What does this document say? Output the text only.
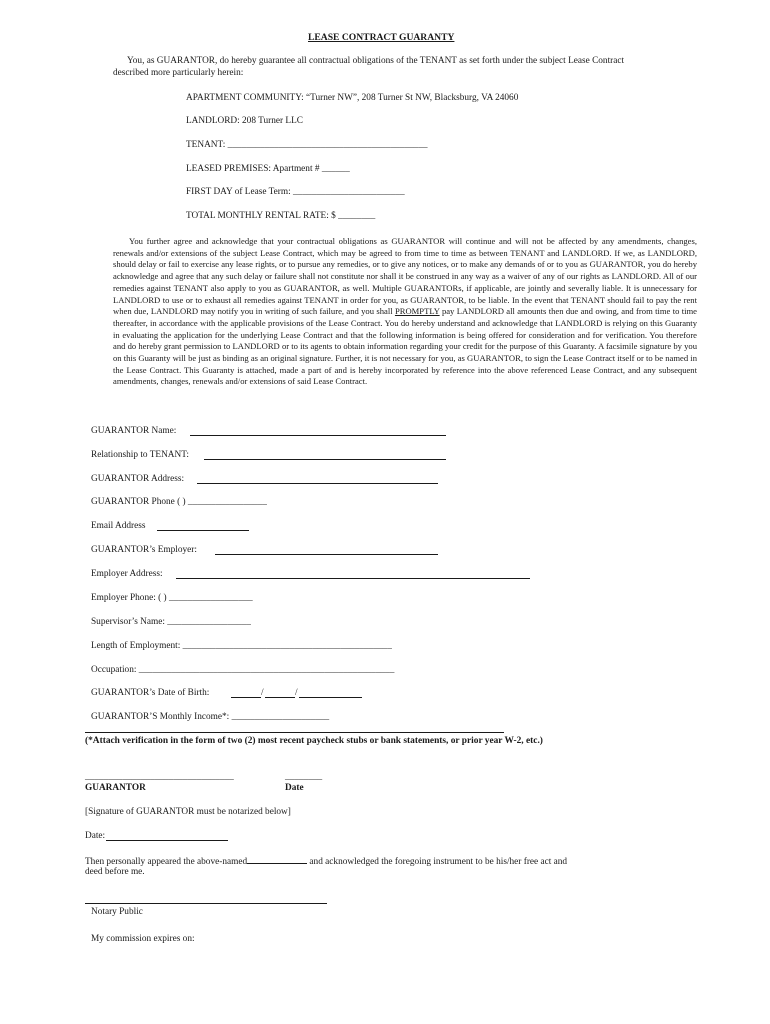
LEASE CONTRACT GUARANTY
You, as GUARANTOR, do hereby guarantee all contractual obligations of the TENANT as set forth under the subject Lease Contract described more particularly herein:
APARTMENT COMMUNITY: “Turner NW”, 208 Turner St NW, Blacksburg, VA 24060
LANDLORD: 208 Turner LLC
TENANT: ___________________________________________
LEASED PREMISES: Apartment # ______
FIRST DAY of Lease Term: ________________________
TOTAL MONTHLY RENTAL RATE: $ ________
You further agree and acknowledge that your contractual obligations as GUARANTOR will continue and will not be affected by any amendments, changes, renewals and/or extensions of the subject Lease Contract, which may be agreed to from time to time as between TENANT and LANDLORD. If we, as LANDLORD, should delay or fail to exercise any lease rights, or to pursue any remedies, or to give any notices, or to make any demands of or to you as GUARANTOR, you do hereby acknowledge and agree that any such delay or failure shall not constitute nor shall it be construed in any way as a waiver of any of our rights as LANDLORD. All of our remedies against TENANT also apply to you as GUARANTOR, as well. Multiple GUARANTORs, if applicable, are jointly and severally liable. It is unnecessary for LANDLORD to use or to exhaust all remedies against TENANT in order for you, as GUARANTOR, to be liable. In the event that TENANT should fail to pay the rent when due, LANDLORD may notify you in writing of such failure, and you shall PROMPTLY pay LANDLORD all amounts then due and owing, and from time to time thereafter, in accordance with the applicable provisions of the Lease Contract. You do hereby understand and acknowledge that LANDLORD is relying on this Guaranty in evaluating the application for the underlying Lease Contract and that the following information is being offered for consideration and for verification. You therefore and do hereby grant permission to LANDLORD or to its agents to obtain information regarding your credit for the purpose of this Guaranty. A facsimile signature by you on this Guaranty will be just as binding as an original signature. Further, it is not necessary for you, as GUARANTOR, to sign the Lease Contract itself or to be named in the Lease Contract. This Guaranty is attached, made a part of and is hereby incorporated by reference into the above referenced Lease Contract, and any subsequent amendments, changes, renewals and/or extensions of said Lease Contract.
GUARANTOR Name:
Relationship to TENANT:
GUARANTOR Address:
GUARANTOR Phone ( ) _________________
Email Address
GUARANTOR’s Employer:
Employer Address:
Employer Phone: ( ) __________________
Supervisor’s Name: __________________
Length of Employment: _____________________________________________
Occupation: _______________________________________________________
GUARANTOR’s Date of Birth:	/	/
GUARANTOR’S Monthly Income*: _____________________
(*Attach verification in the form of two (2) most recent paycheck stubs or bank statements, or prior year W-2, etc.)
________________________________	________
GUARANTOR	Date
[Signature of GUARANTOR must be notarized below]
Date:
Then personally appeared the above-named	and acknowledged the foregoing instrument to be his/her free act and
deed before me.
Notary Public
My commission expires on:
